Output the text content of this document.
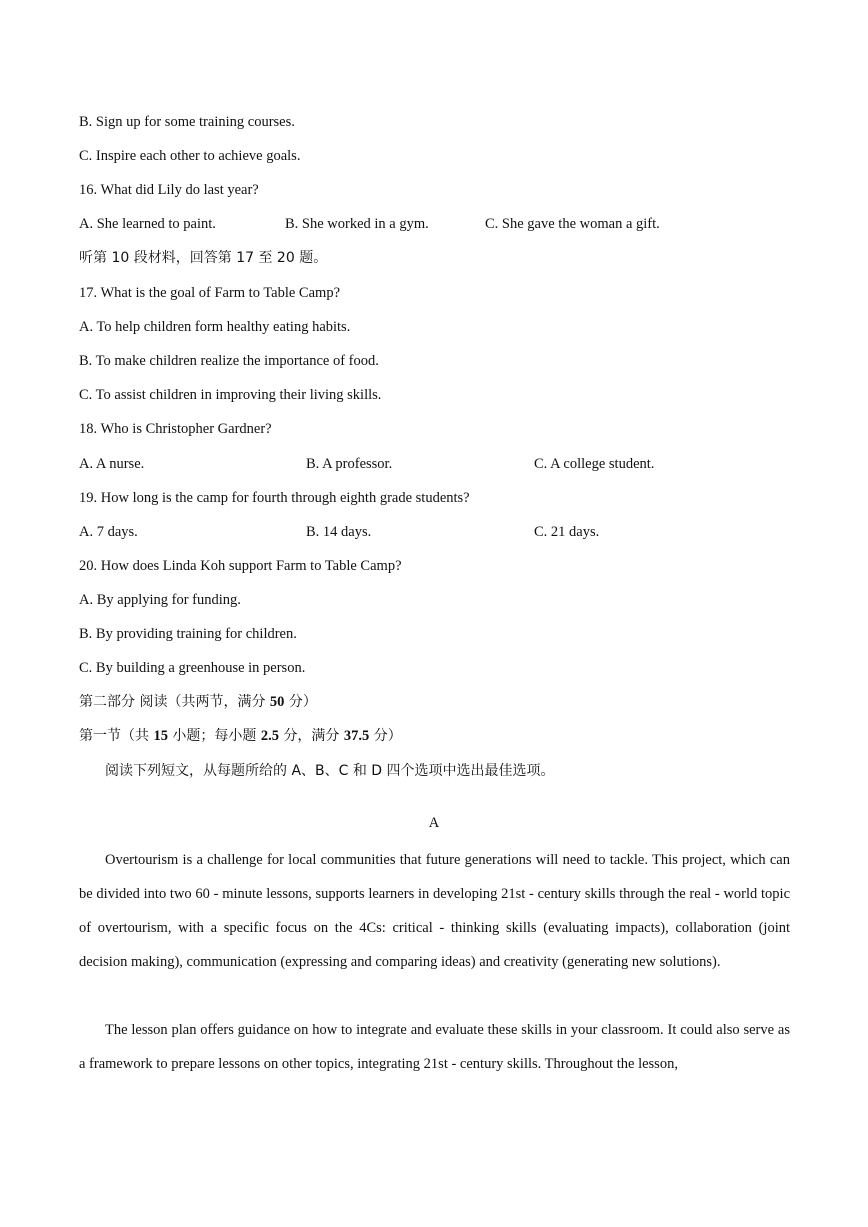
B. Sign up for some training courses.
C. Inspire each other to achieve goals.
16. What did Lily do last year?
A. She learned to paint.	B. She worked in a gym.	C. She gave the woman a gift.
听第 10 段材料，回答第 17 至 20 题。
17. What is the goal of Farm to Table Camp?
A. To help children form healthy eating habits.
B. To make children realize the importance of food.
C. To assist children in improving their living skills.
18. Who is Christopher Gardner?
A. A nurse.	B. A professor.	C. A college student.
19. How long is the camp for fourth through eighth grade students?
A. 7 days.	B. 14 days.	C. 21 days.
20. How does Linda Koh support Farm to Table Camp?
A. By applying for funding.
B. By providing training for children.
C. By building a greenhouse in person.
第二部分 阅读（共两节，满分 50 分）
第一节（共 15 小题；每小题 2.5 分，满分 37.5 分）
阅读下列短文，从每题所给的 A、B、C 和 D 四个选项中选出最佳选项。
A
Overtourism is a challenge for local communities that future generations will need to tackle. This project, which can be divided into two 60 - minute lessons, supports learners in developing 21st - century skills through the real - world topic of overtourism, with a specific focus on the 4Cs: critical - thinking skills (evaluating impacts), collaboration (joint decision making), communication (expressing and comparing ideas) and creativity (generating new solutions).
The lesson plan offers guidance on how to integrate and evaluate these skills in your classroom. It could also serve as a framework to prepare lessons on other topics, integrating 21st - century skills. Throughout the lesson,
